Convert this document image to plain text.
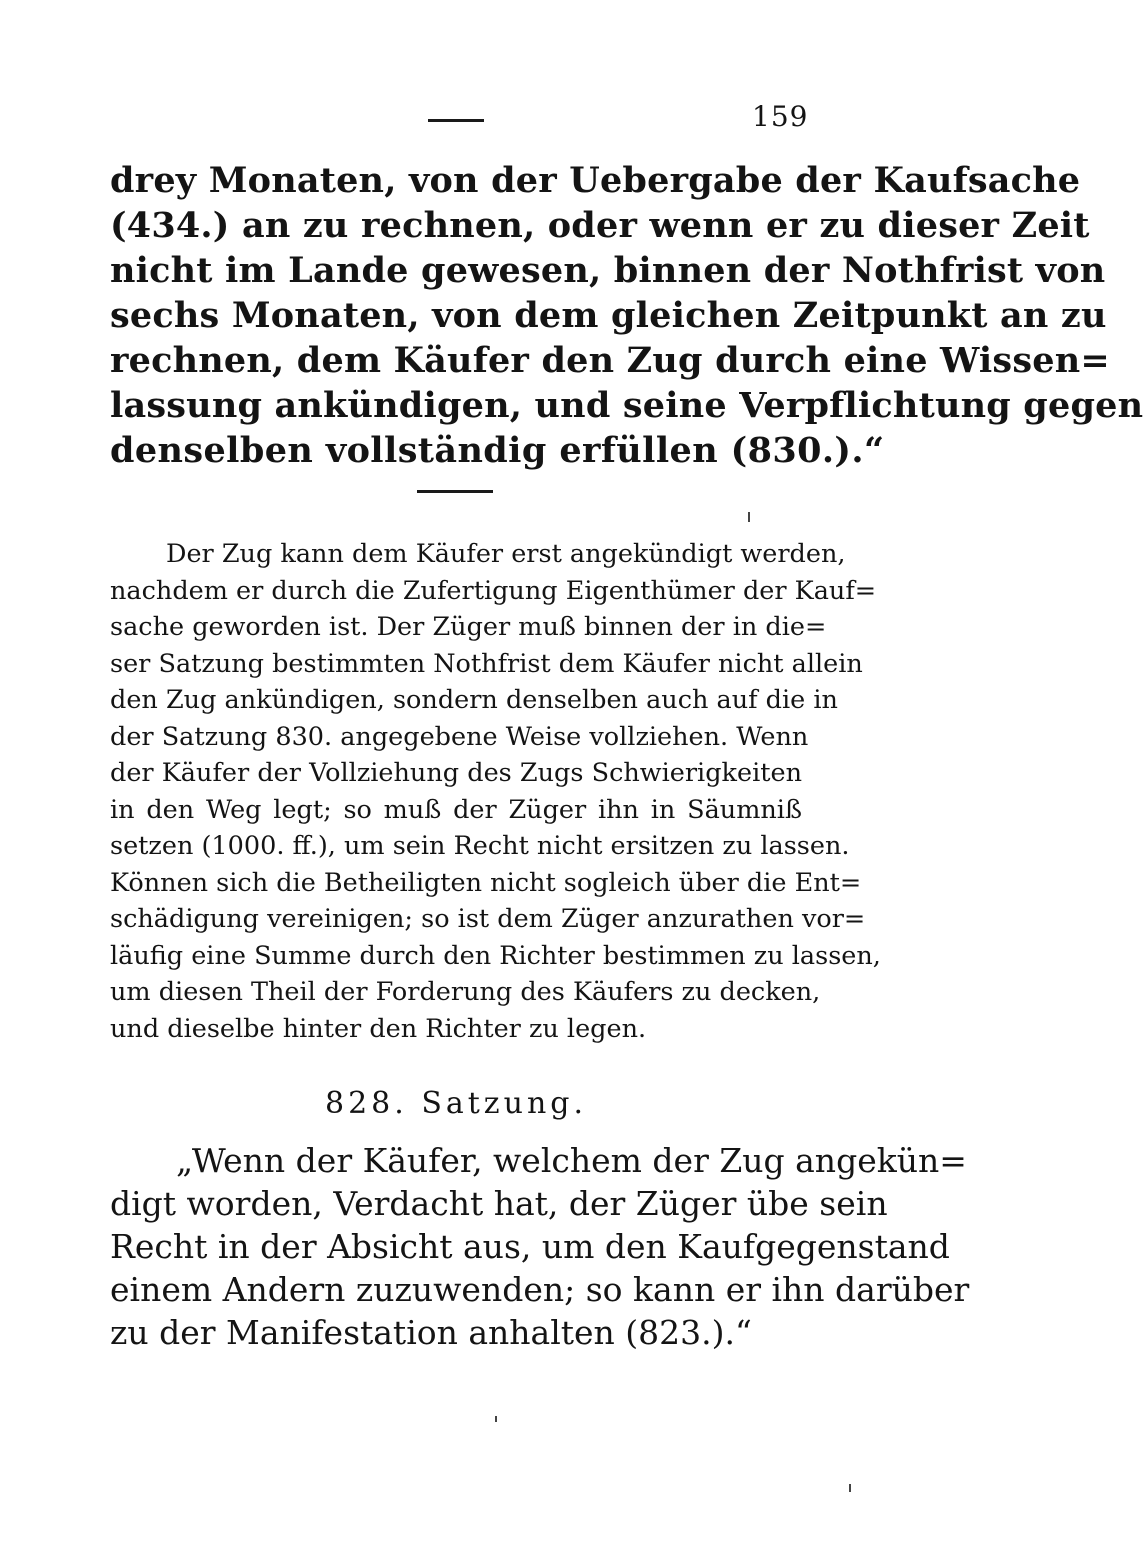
159
drey Monaten, von der Uebergabe der Kaufsache
(434.) an zu rechnen, oder wenn er zu dieser Zeit
nicht im Lande gewesen, binnen der Nothfrist von
sechs Monaten, von dem gleichen Zeitpunkt an zu
rechnen, dem Käufer den Zug durch eine Wissen=
lassung ankündigen, und seine Verpflichtung gegen
denselben vollständig erfüllen (830.).“
Der Zug kann dem Käufer erst angekündigt werden,
nachdem er durch die Zufertigung Eigenthümer der Kauf=
sache geworden ist. Der Züger muß binnen der in die=
ser Satzung bestimmten Nothfrist dem Käufer nicht allein
den Zug ankündigen, sondern denselben auch auf die in
der Satzung 830. angegebene Weise vollziehen. Wenn
der Käufer der Vollziehung des Zugs Schwierigkeiten
in den Weg legt; so muß der Züger ihn in Säumniß
setzen (1000. ff.), um sein Recht nicht ersitzen zu lassen.
Können sich die Betheiligten nicht sogleich über die Ent=
schädigung vereinigen; so ist dem Züger anzurathen vor=
läufig eine Summe durch den Richter bestimmen zu lassen,
um diesen Theil der Forderung des Käufers zu decken,
und dieselbe hinter den Richter zu legen.
828. Satzung.
„Wenn der Käufer, welchem der Zug angekün=
digt worden, Verdacht hat, der Züger übe sein
Recht in der Absicht aus, um den Kaufgegenstand
einem Andern zuzuwenden; so kann er ihn darüber
zu der Manifestation anhalten (823.).“
